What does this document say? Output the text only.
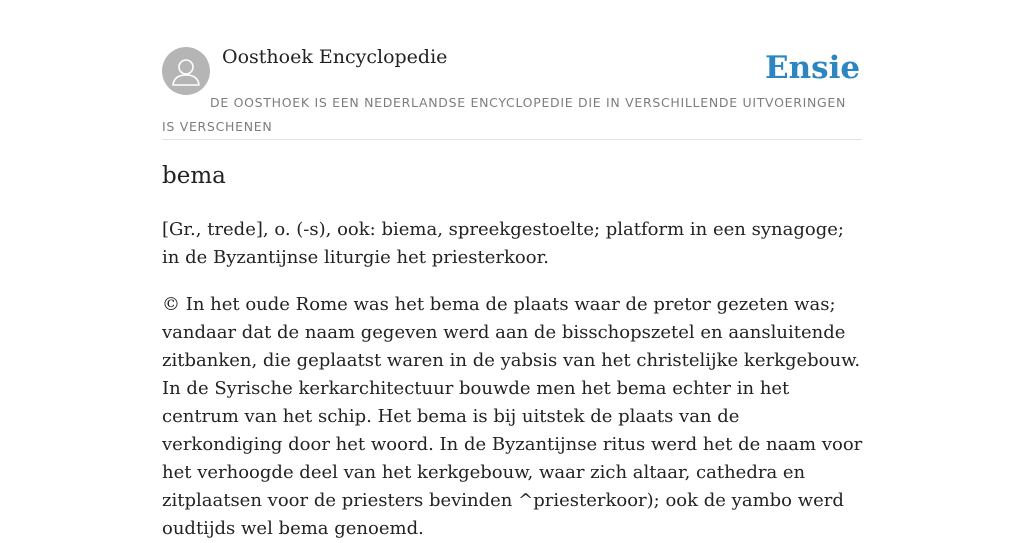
Oosthoek Encyclopedie	Ensie
DE OOSTHOEK IS EEN NEDERLANDSE ENCYCLOPEDIE DIE IN VERSCHILLENDE UITVOERINGEN IS VERSCHENEN
bema

[Gr., trede], o. (-s), ook: biema, spreekgestoelte; platform in een synagoge; in de Byzantijnse liturgie het priesterkoor.

© In het oude Rome was het bema de plaats waar de pretor gezeten was; vandaar dat de naam gegeven werd aan de bisschopszetel en aansluitende zitbanken, die geplaatst waren in de yabsis van het christelijke kerkgebouw. In de Syrische kerkarchitectuur bouwde men het bema echter in het centrum van het schip. Het bema is bij uitstek de plaats van de verkondiging door het woord. In de Byzantijnse ritus werd het de naam voor het verhoogde deel van het kerkgebouw, waar zich altaar, cathedra en zitplaatsen voor de priesters bevinden ^priesterkoor); ook de yambo werd oudtijds wel bema genoemd.
